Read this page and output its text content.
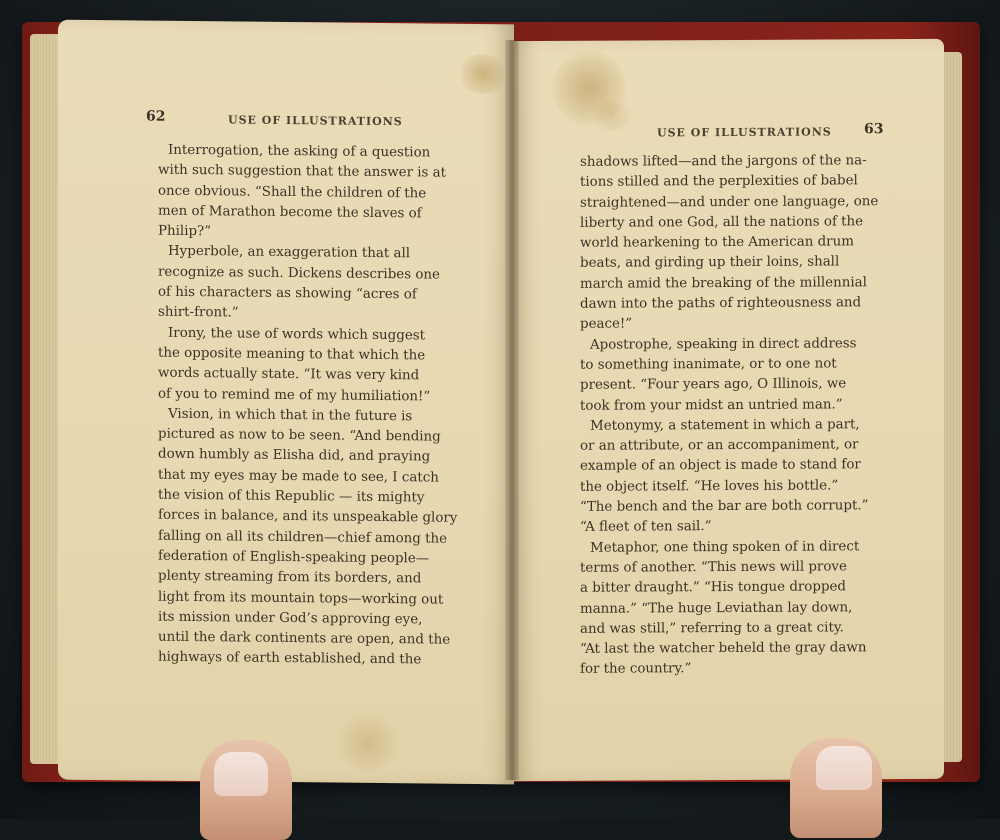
62	USE OF ILLUSTRATIONS
Interrogation, the asking of a question
with such suggestion that the answer is at
once obvious. “Shall the children of the
men of Marathon become the slaves of
Philip?”
Hyperbole, an exaggeration that all
recognize as such. Dickens describes one
of his characters as showing “acres of
shirt-front.”
Irony, the use of words which suggest
the opposite meaning to that which the
words actually state. “It was very kind
of you to remind me of my humiliation!”
Vision, in which that in the future is
pictured as now to be seen. “And bending
down humbly as Elisha did, and praying
that my eyes may be made to see, I catch
the vision of this Republic — its mighty
forces in balance, and its unspeakable glory
falling on all its children—chief among the
federation of English-speaking people—
plenty streaming from its borders, and
light from its mountain tops—working out
its mission under God’s approving eye,
until the dark continents are open, and the
highways of earth established, and the
USE OF ILLUSTRATIONS 63
shadows lifted—and the jargons of the na-
tions stilled and the perplexities of babel
straightened—and under one language, one
liberty and one God, all the nations of the
world hearkening to the American drum
beats, and girding up their loins, shall
march amid the breaking of the millennial
dawn into the paths of righteousness and
peace!”
Apostrophe, speaking in direct address
to something inanimate, or to one not
present. “Four years ago, O Illinois, we
took from your midst an untried man.”
Metonymy, a statement in which a part,
or an attribute, or an accompaniment, or
example of an object is made to stand for
the object itself. “He loves his bottle.”
“The bench and the bar are both corrupt.”
“A fleet of ten sail.”
Metaphor, one thing spoken of in direct
terms of another. “This news will prove
a bitter draught.” “His tongue dropped
manna.” “The huge Leviathan lay down,
and was still,” referring to a great city.
“At last the watcher beheld the gray dawn
for the country.”
